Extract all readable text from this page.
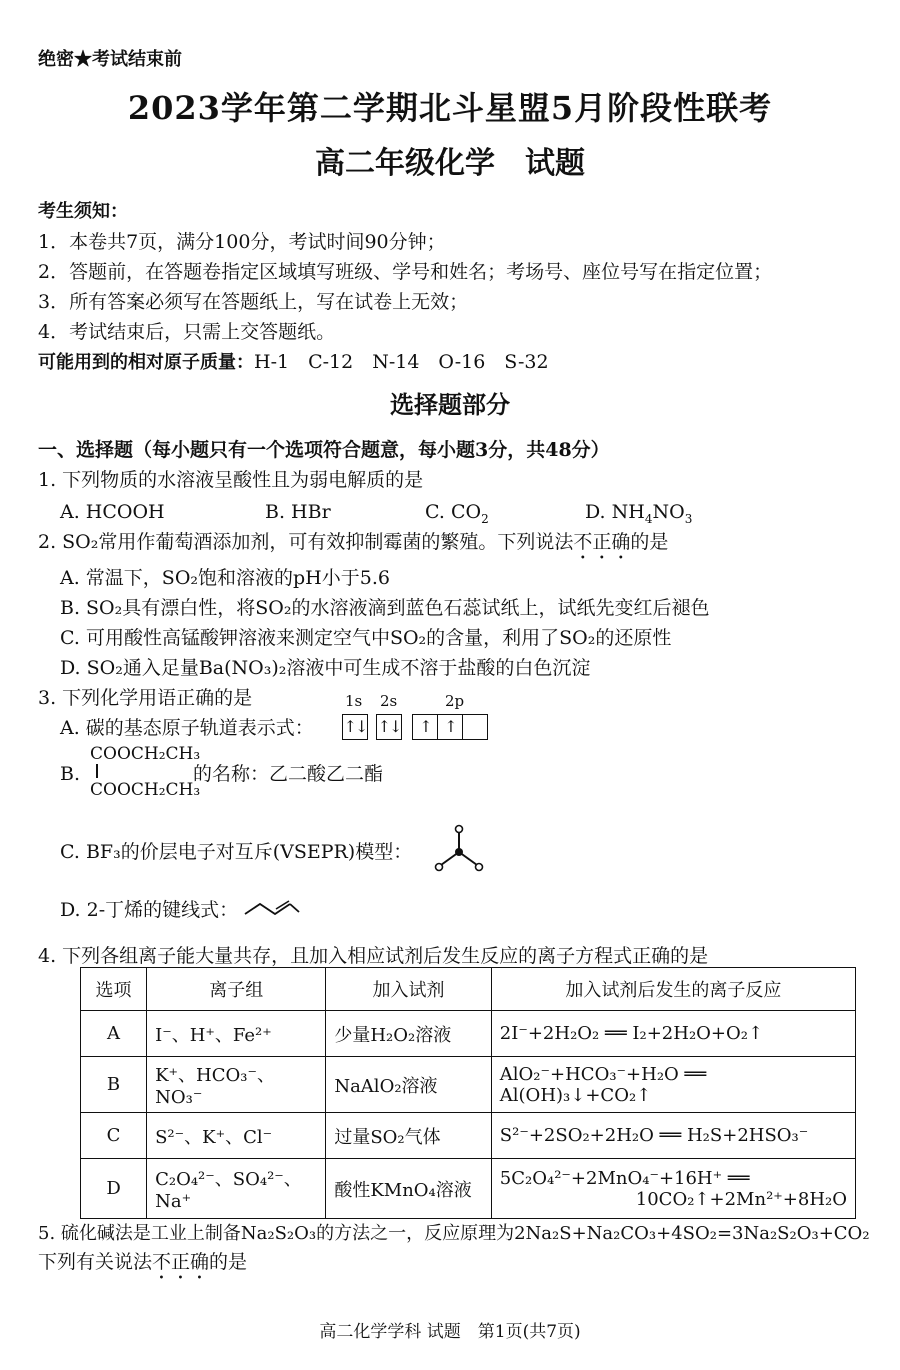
绝密★考试结束前
2023学年第二学期北斗星盟5月阶段性联考
高二年级化学　试题
考生须知：
1．本卷共7页，满分100分，考试时间90分钟；
2．答题前，在答题卷指定区域填写班级、学号和姓名；考场号、座位号写在指定位置；
3．所有答案必须写在答题纸上，写在试卷上无效；
4．考试结束后，只需上交答题纸。
可能用到的相对原子质量：H-1　C-12　N-14　O-16　S-32
选择题部分
一、选择题（每小题只有一个选项符合题意，每小题3分，共48分）
1. 下列物质的水溶液呈酸性且为弱电解质的是
A. HCOOH	B. HBr	C. $CO_2$	D. $NH_4NO_3$
2. SO₂常用作葡萄酒添加剂，可有效抑制霉菌的繁殖。下列说法不正确的是
A. 常温下，SO₂饱和溶液的pH小于5.6
B. SO₂具有漂白性，将SO₂的水溶液滴到蓝色石蕊试纸上，试纸先变红后褪色
C. 可用酸性高锰酸钾溶液来测定空气中SO₂的含量，利用了SO₂的还原性
D. SO₂通入足量Ba(NO₃)₂溶液中可生成不溶于盐酸的白色沉淀
3. 下列化学用语正确的是
A. 碳的基态原子轨道表示式：
1s 2s	2p
↑↓ ↑↓	↑ ↑
B.
COOCH₂CH₃
COOCH₂CH₃
的名称：乙二酸乙二酯
C. BF₃的价层电子对互斥(VSEPR)模型：
D. 2-丁烯的键线式：
4. 下列各组离子能大量共存，且加入相应试剂后发生反应的离子方程式正确的是
选项	离子组	加入试剂	加入试剂后发生的离子反应
A	I⁻、H⁺、Fe²⁺	少量H₂O₂溶液	2I⁻+2H₂O₂ ══ I₂+2H₂O+O₂↑
B	K⁺、HCO₃⁻、NO₃⁻	NaAlO₂溶液	AlO₂⁻+HCO₃⁻+H₂O ══ Al(OH)₃↓+CO₂↑
C	S²⁻、K⁺、Cl⁻	过量SO₂气体	S²⁻+2SO₂+2H₂O ══ H₂S+2HSO₃⁻
D	C₂O₄²⁻、SO₄²⁻、Na⁺	酸性KMnO₄溶液	5C₂O₄²⁻+2MnO₄⁻+16H⁺ ══
10CO₂↑+2Mn²⁺+8H₂O
5. 硫化碱法是工业上制备Na₂S₂O₃的方法之一，反应原理为2Na₂S+Na₂CO₃+4SO₂=3Na₂S₂O₃+CO₂
下列有关说法不正确的是
高二化学学科 试题　第1页(共7页)
